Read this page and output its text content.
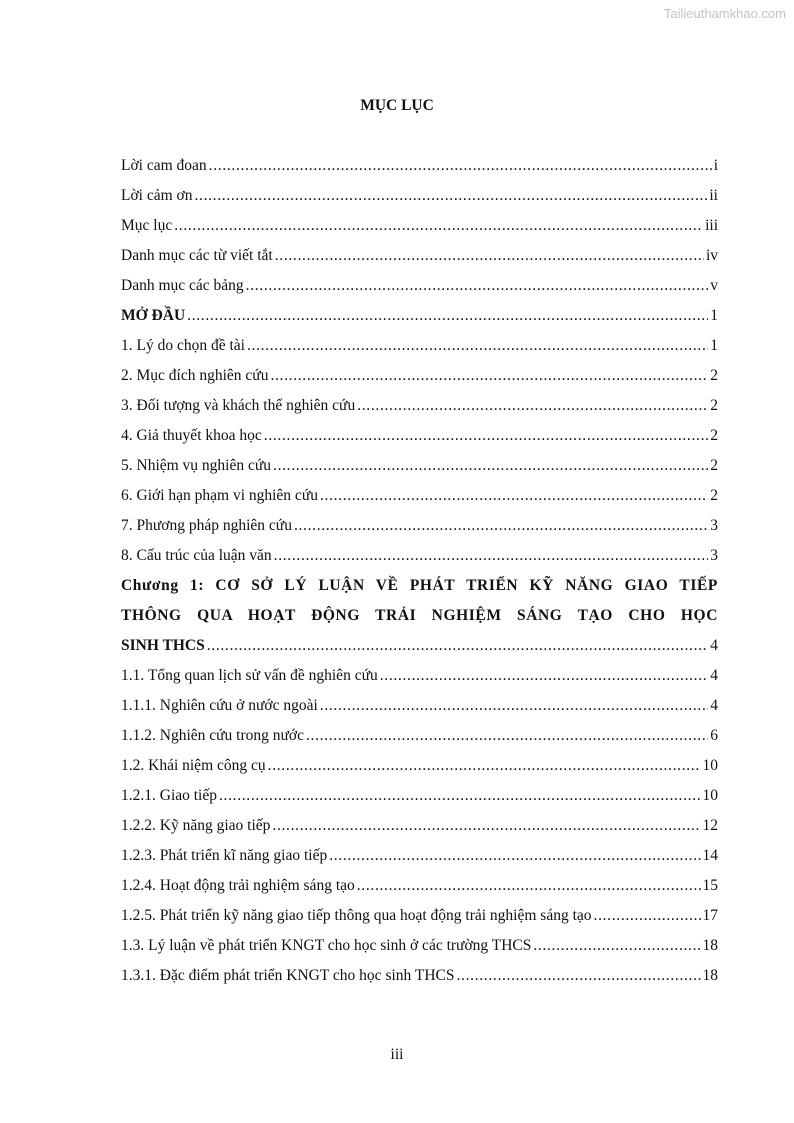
Tailieuthamkhao.com
MỤC LỤC
Lời cam đoan . . .	i
Lời cảm ơn . . .	ii
Mục lục . . .	iii
Danh mục các từ viết tắt . . .	iv
Danh mục các bảng . . .	v
MỞ ĐẦU . . .	1
1. Lý do chọn đề tài . . .	1
2. Mục đích nghiên cứu . . .	2
3. Đối tượng và khách thể nghiên cứu . . .	2
4. Giả thuyết khoa học . . .	2
5. Nhiệm vụ nghiên cứu . . .	2
6. Giới hạn phạm vi nghiên cứu . . .	2
7. Phương pháp nghiên cứu . . .	3
8. Cấu trúc của luận văn . . .	3
Chương 1: CƠ SỞ LÝ LUẬN VỀ PHÁT TRIỂN KỸ NĂNG GIAO TIẾP
THÔNG QUA HOẠT ĐỘNG TRẢI NGHIỆM SÁNG TẠO CHO HỌC
SINH THCS . . .	4
1.1. Tổng quan lịch sử vấn đề nghiên cứu . . .	4
1.1.1. Nghiên cứu ở nước ngoài . . .	4
1.1.2. Nghiên cứu trong nước . . .	6
1.2. Khái niệm công cụ . . .	10
1.2.1. Giao tiếp . . .	10
1.2.2. Kỹ năng giao tiếp . . .	12
1.2.3. Phát triển kĩ năng giao tiếp . . .	14
1.2.4. Hoạt động trải nghiệm sáng tạo . . .	15
1.2.5. Phát triển kỹ năng giao tiếp thông qua hoạt động trải nghiệm sáng tạo . . .	17
1.3. Lý luận về phát triển KNGT cho học sinh ở các trường THCS . . .	18
1.3.1. Đặc điểm phát triển KNGT cho học sinh THCS . . .	18
iii
